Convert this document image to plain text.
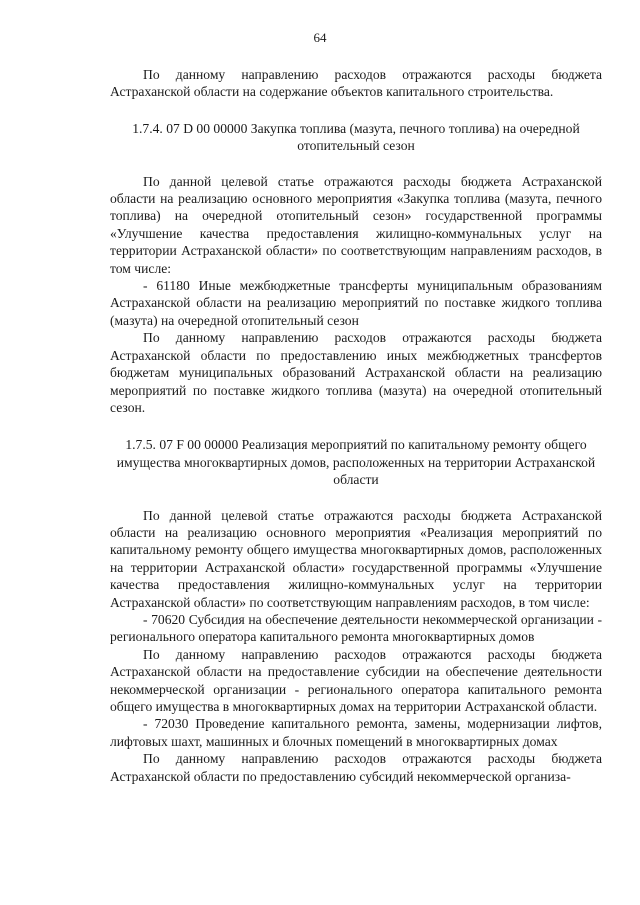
64

По данному направлению расходов отражаются расходы бюджета Астраханской области на содержание объектов капитального строительства.

1.7.4. 07 D 00 00000 Закупка топлива (мазута, печного топлива) на очередной отопительный сезон

По данной целевой статье отражаются расходы бюджета Астраханской области на реализацию основного мероприятия «Закупка топлива (мазута, печного топлива) на очередной отопительный сезон» государственной программы «Улучшение качества предоставления жилищно-коммунальных услуг на территории Астраханской области» по соответствующим направлениям расходов, в том числе:

- 61180 Иные межбюджетные трансферты муниципальным образованиям Астраханской области на реализацию мероприятий по поставке жидкого топлива (мазута) на очередной отопительный сезон

По данному направлению расходов отражаются расходы бюджета Астраханской области по предоставлению иных межбюджетных трансфертов бюджетам муниципальных образований Астраханской области на реализацию мероприятий по поставке жидкого топлива (мазута) на очередной отопительный сезон.

1.7.5. 07 F 00 00000 Реализация мероприятий по капитальному ремонту общего имущества многоквартирных домов, расположенных на территории Астраханской области

По данной целевой статье отражаются расходы бюджета Астраханской области на реализацию основного мероприятия «Реализация мероприятий по капитальному ремонту общего имущества многоквартирных домов, расположенных на территории Астраханской области» государственной программы «Улучшение качества предоставления жилищно-коммунальных услуг на территории Астраханской области» по соответствующим направлениям расходов, в том числе:

- 70620 Субсидия на обеспечение деятельности некоммерческой организации - регионального оператора капитального ремонта многоквартирных домов

По данному направлению расходов отражаются расходы бюджета Астраханской области на предоставление субсидии на обеспечение деятельности некоммерческой организации - регионального оператора капитального ремонта общего имущества в многоквартирных домах на территории Астраханской области.

- 72030 Проведение капитального ремонта, замены, модернизации лифтов, лифтовых шахт, машинных и блочных помещений в многоквартирных домах

По данному направлению расходов отражаются расходы бюджета Астраханской области по предоставлению субсидий некоммерческой организа-
